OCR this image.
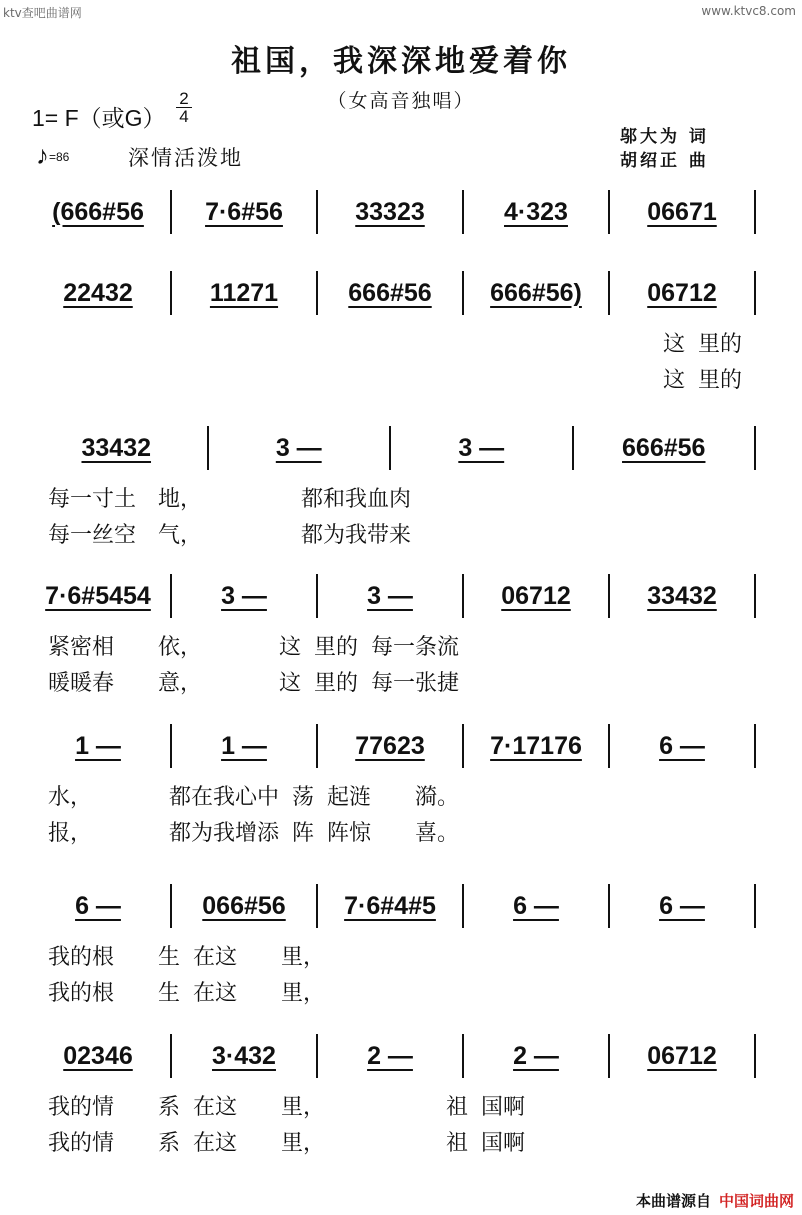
ktv查吧曲谱网	www.ktvc8.com
祖国，我深深地爱着你
（女高音独唱）
1= F（或G）
2
4
♪=86	深情活泼地
邬大为 词
胡绍正 曲
(666#56	7·6#56	33323	4·323	06671
22432	11271	666#56	666#56)	06712
这 里的
这 里的
33432	3 —	3 —	666#56
每一寸土　地，　　　　　都和我血肉
每一丝空　气，　　　　　都为我带来
7·6#5454	3 —	3 —	06712	33432
紧密相　　依，　　　　这 里的 每一条流
暖暖春　　意，　　　　这 里的 每一张捷
1 —	1 —	77623	7·17176	6 —
水，　　　　都在我心中 荡 起涟　　漪。
报，　　　　都为我增添 阵 阵惊　　喜。
6 —	066#56	7·6#4#5	6 —	6 —
我的根　　生 在这　　里，
我的根　　生 在这　　里，
02346	3·432	2 —	2 —	06712
我的情　　系 在这　　里，　　　　　　祖 国啊
我的情　　系 在这　　里，　　　　　　祖 国啊
本曲谱源自 中国词曲网
